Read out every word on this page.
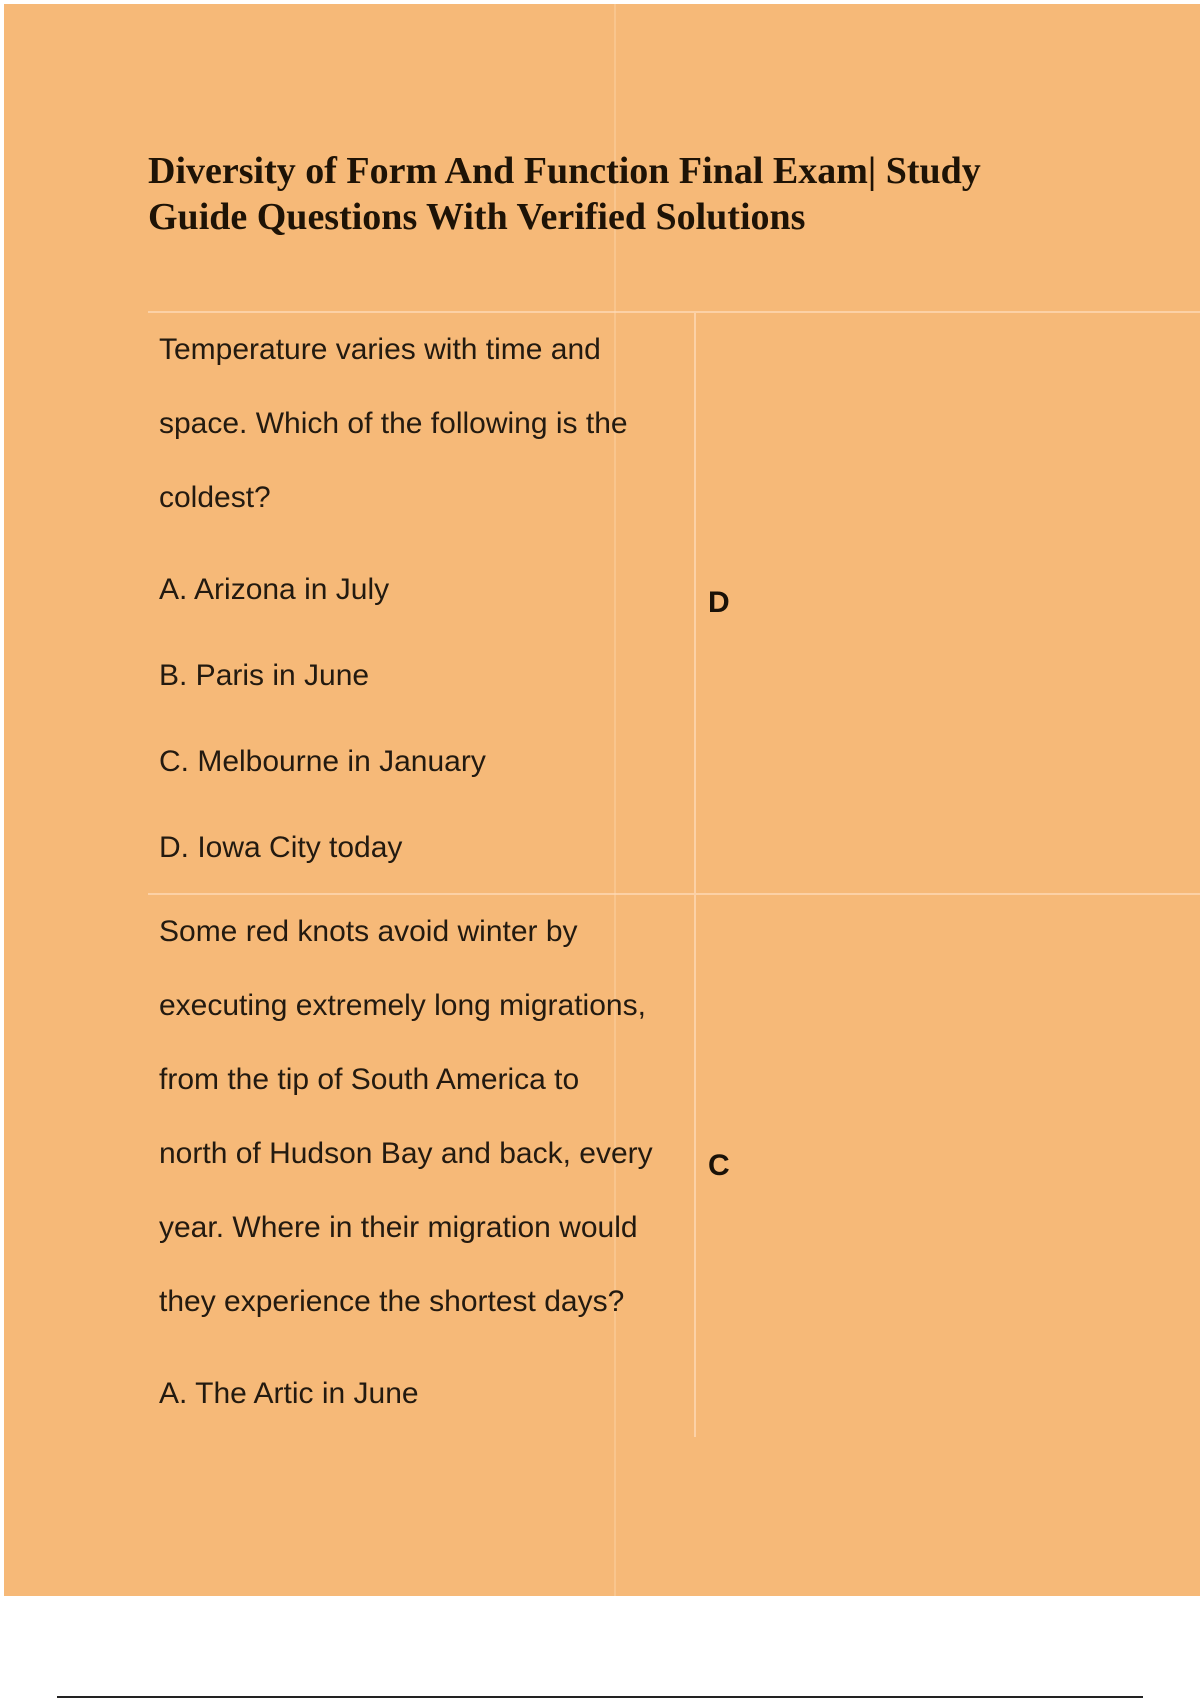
Diversity of Form And Function Final Exam| Study
Guide Questions With Verified Solutions
Temperature varies with time and
space. Which of the following is the
coldest?
A. Arizona in July
B. Paris in June
C. Melbourne in January
D. Iowa City today
D
Some red knots avoid winter by
executing extremely long migrations,
from the tip of South America to
north of Hudson Bay and back, every
year. Where in their migration would
they experience the shortest days?
A. The Artic in June
C
